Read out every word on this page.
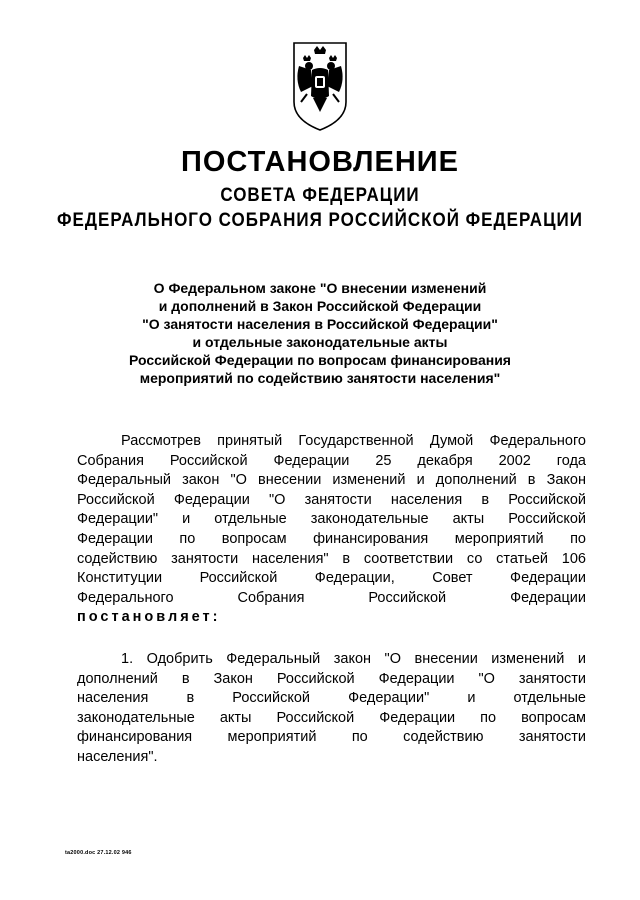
ПОСТАНОВЛЕНИЕ
СОВЕТА ФЕДЕРАЦИИ
ФЕДЕРАЛЬНОГО СОБРАНИЯ РОССИЙСКОЙ ФЕДЕРАЦИИ
О Федеральном законе "О внесении изменений
и дополнений в Закон Российской Федерации
"О занятости населения в Российской Федерации"
и отдельные законодательные акты
Российской Федерации по вопросам финансирования
мероприятий по содействию занятости населения"
Рассмотрев принятый Государственной Думой Федерального
Собрания Российской Федерации 25 декабря 2002 года
Федеральный закон "О внесении изменений и дополнений в Закон
Российской Федерации "О занятости населения в Российской
Федерации" и отдельные законодательные акты Российской
Федерации по вопросам финансирования мероприятий по
содействию занятости населения" в соответствии со статьей 106
Конституции Российской Федерации, Совет Федерации
Федерального Собрания Российской Федерации
постановляет:
1. Одобрить Федеральный закон "О внесении изменений и
дополнений в Закон Российской Федерации "О занятости
населения в Российской Федерации" и отдельные
законодательные акты Российской Федерации по вопросам
финансирования мероприятий по содействию занятости
населения".
ta2000.doc 27.12.02 946
